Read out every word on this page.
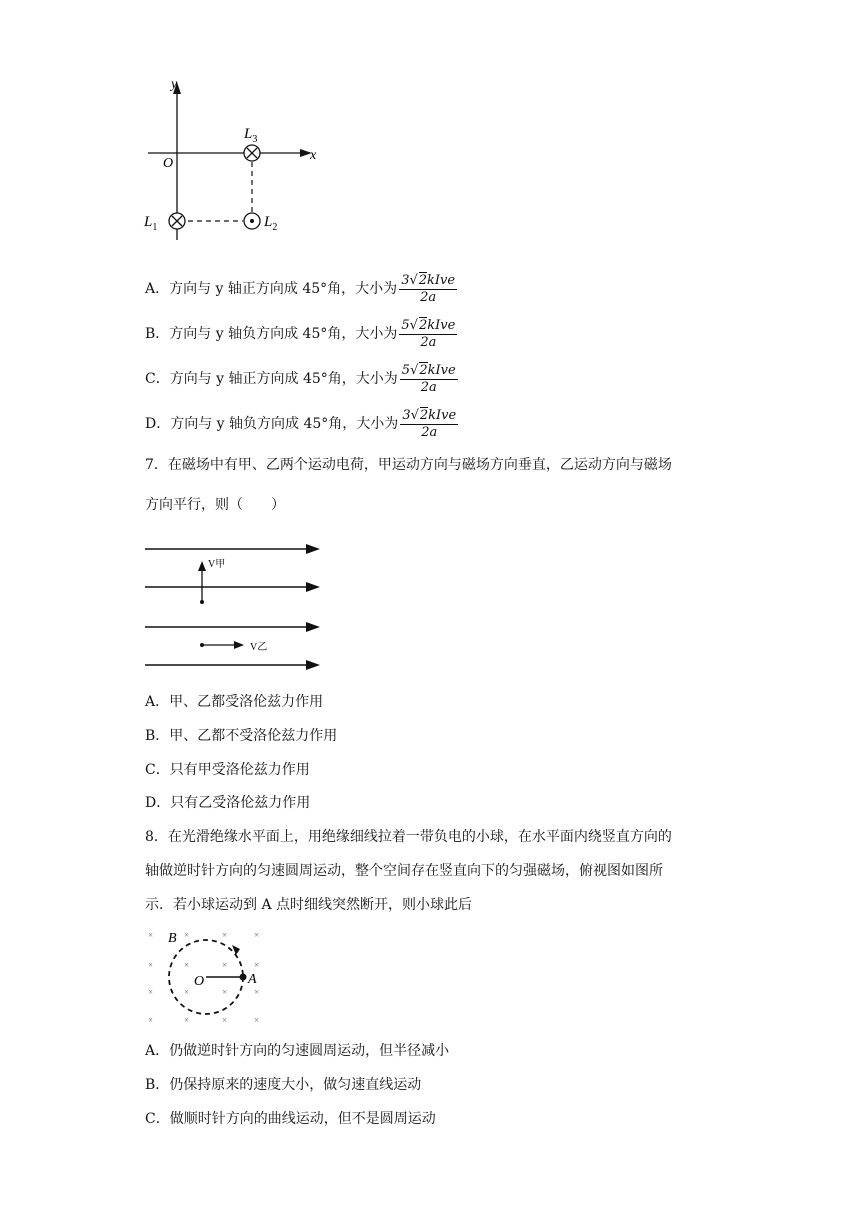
y
x
O
$L_3$
$L_1$	$L_2$
A．方向与 y 轴正方向成 45°角，大小为 $\frac{\text{3√2kIve}}{2a}$
B．方向与 y 轴负方向成 45°角，大小为 $\frac{\text{5√2kIve}}{2a}$
C．方向与 y 轴正方向成 45°角，大小为 $\frac{\text{5√2kIve}}{2a}$
D．方向与 y 轴负方向成 45°角，大小为 $\frac{\text{3√2kIve}}{2a}$
7．在磁场中有甲、乙两个运动电荷，甲运动方向与磁场方向垂直，乙运动方向与磁场
方向平行，则（　　）
V甲
V乙
A．甲、乙都受洛伦兹力作用
B．甲、乙都不受洛伦兹力作用
C．只有甲受洛伦兹力作用
D．只有乙受洛伦兹力作用
8．在光滑绝缘水平面上，用绝缘细线拉着一带负电的小球，在水平面内绕竖直方向的
轴做逆时针方向的匀速圆周运动，整个空间存在竖直向下的匀强磁场，俯视图如图所
示．若小球运动到 A 点时细线突然断开，则小球此后
×	×	×	×
×	×	×	×
×	×	×	×
×	×	×	×
B
O	A
A．仍做逆时针方向的匀速圆周运动，但半径减小
B．仍保持原来的速度大小，做匀速直线运动
C．做顺时针方向的曲线运动，但不是圆周运动
